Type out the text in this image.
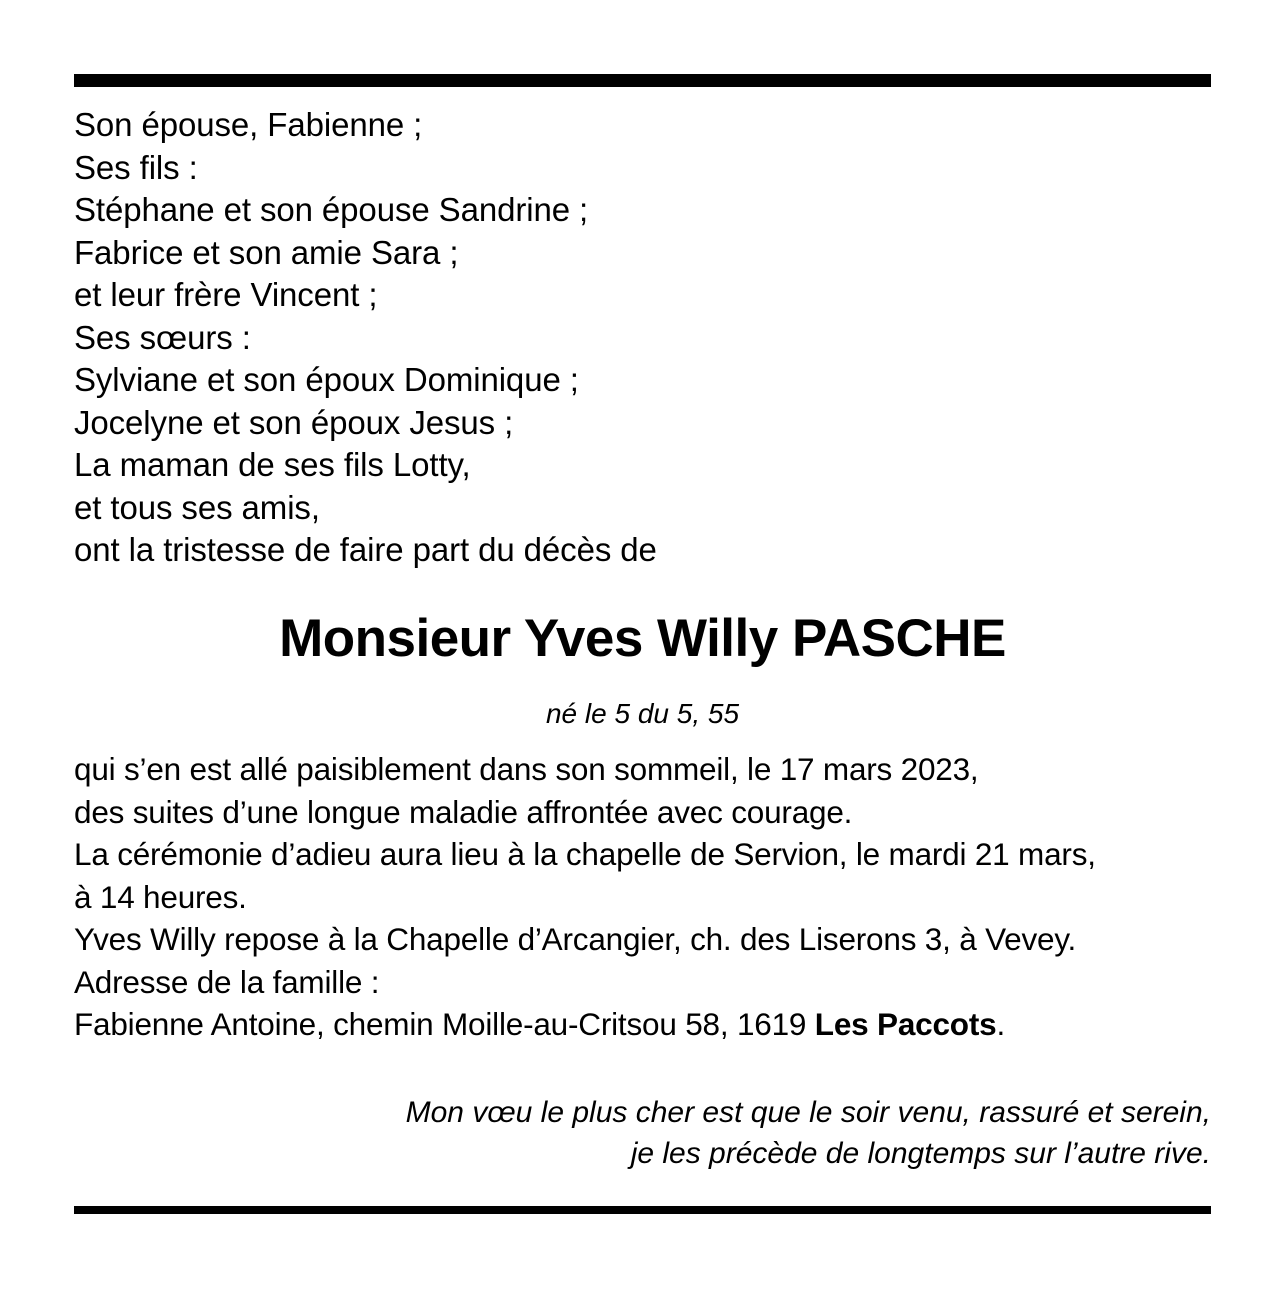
Son épouse, Fabienne ;
Ses fils :
Stéphane et son épouse Sandrine ;
Fabrice et son amie Sara ;
et leur frère Vincent ;
Ses sœurs :
Sylviane et son époux Dominique ;
Jocelyne et son époux Jesus ;
La maman de ses fils Lotty,
et tous ses amis,
ont la tristesse de faire part du décès de
Monsieur Yves Willy PASCHE
né le 5 du 5, 55
qui s’en est allé paisiblement dans son sommeil, le 17 mars 2023,
des suites d’une longue maladie affrontée avec courage.
La cérémonie d’adieu aura lieu à la chapelle de Servion, le mardi 21 mars,
à 14 heures.
Yves Willy repose à la Chapelle d’Arcangier, ch. des Liserons 3, à Vevey.
Adresse de la famille :
Fabienne Antoine, chemin Moille-au-Critsou 58, 1619 Les Paccots.
Mon vœu le plus cher est que le soir venu, rassuré et serein,
je les précède de longtemps sur l’autre rive.
